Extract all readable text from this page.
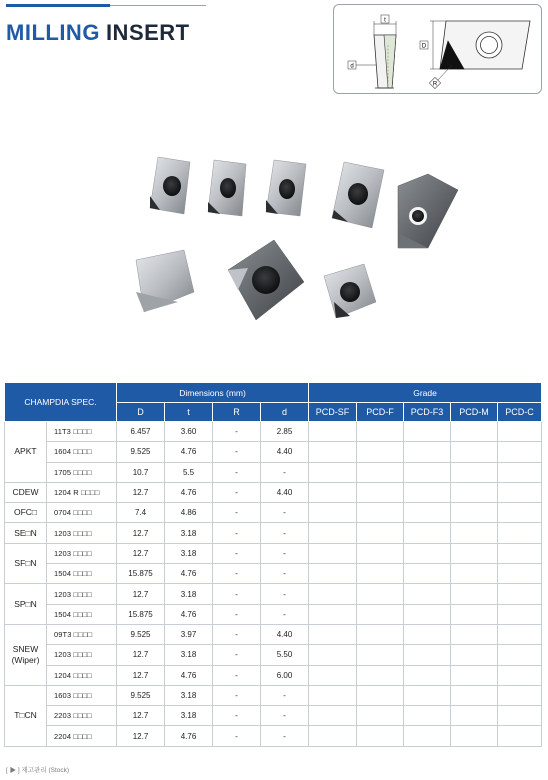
MILLING INSERT	t
d
D
R
CHAMPDIA SPEC.		Dimensions (mm)				Grade				
		D	t	R	d	PCD-SF	PCD-F	PCD-F3	PCD-M	PCD-C
APKT	11T3 □□□□	6.457	3.60	-	2.85					
	1604 □□□□	9.525	4.76	-	4.40					
	1705 □□□□	10.7	5.5	-	-					
CDEW	1204 R □□□□	12.7	4.76	-	4.40					
OFC□	0704 □□□□	7.4	4.86	-	-					
SE□N	1203 □□□□	12.7	3.18	-	-					
SF□N	1203 □□□□	12.7	3.18	-	-					
	1504 □□□□	15.875	4.76	-	-					
SP□N	1203 □□□□	12.7	3.18	-	-					
	1504 □□□□	15.875	4.76	-	-					
SNEW
(Wiper)	09T3 □□□□	9.525	3.97	-	4.40					
	1203 □□□□	12.7	3.18	-	5.50					
	1204 □□□□	12.7	4.76	-	6.00					
T□CN	1603 □□□□	9.525	3.18	-	-					
	2203 □□□□	12.7	3.18	-	-					
	2204 □□□□	12.7	4.76	-	-					
[ ▶ ] 재고관리 (Stock)
